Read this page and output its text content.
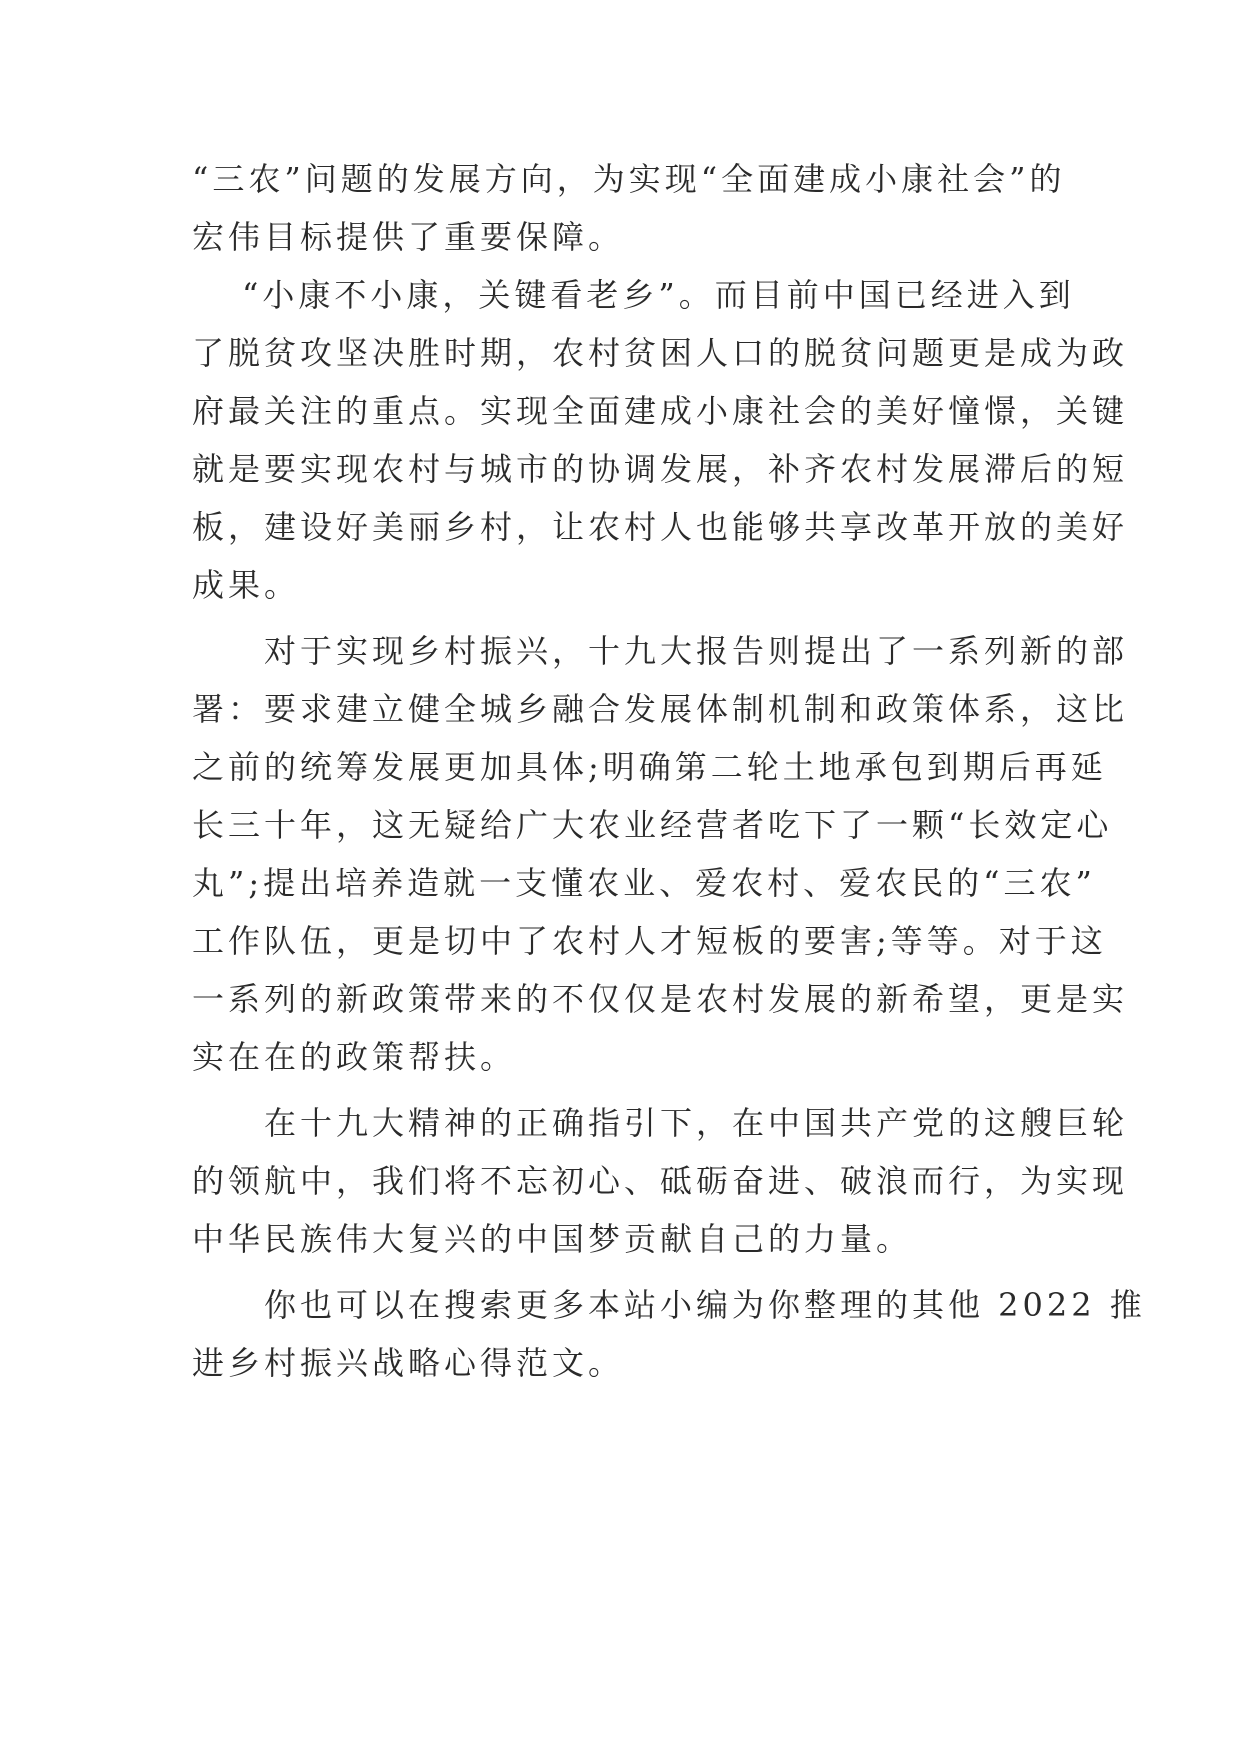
“三农”问题的发展方向，为实现“全面建成小康社会”的
宏伟目标提供了重要保障。
“小康不小康，关键看老乡”。而目前中国已经进入到
了脱贫攻坚决胜时期，农村贫困人口的脱贫问题更是成为政
府最关注的重点。实现全面建成小康社会的美好憧憬，关键
就是要实现农村与城市的协调发展，补齐农村发展滞后的短
板，建设好美丽乡村，让农村人也能够共享改革开放的美好
成果。
对于实现乡村振兴，十九大报告则提出了一系列新的部
署：要求建立健全城乡融合发展体制机制和政策体系，这比
之前的统筹发展更加具体;明确第二轮土地承包到期后再延
长三十年，这无疑给广大农业经营者吃下了一颗“长效定心
丸”;提出培养造就一支懂农业、爱农村、爱农民的“三农”
工作队伍，更是切中了农村人才短板的要害;等等。对于这
一系列的新政策带来的不仅仅是农村发展的新希望，更是实
实在在的政策帮扶。
在十九大精神的正确指引下，在中国共产党的这艘巨轮
的领航中，我们将不忘初心、砥砺奋进、破浪而行，为实现
中华民族伟大复兴的中国梦贡献自己的力量。
你也可以在搜索更多本站小编为你整理的其他 2022 推
进乡村振兴战略心得范文。
